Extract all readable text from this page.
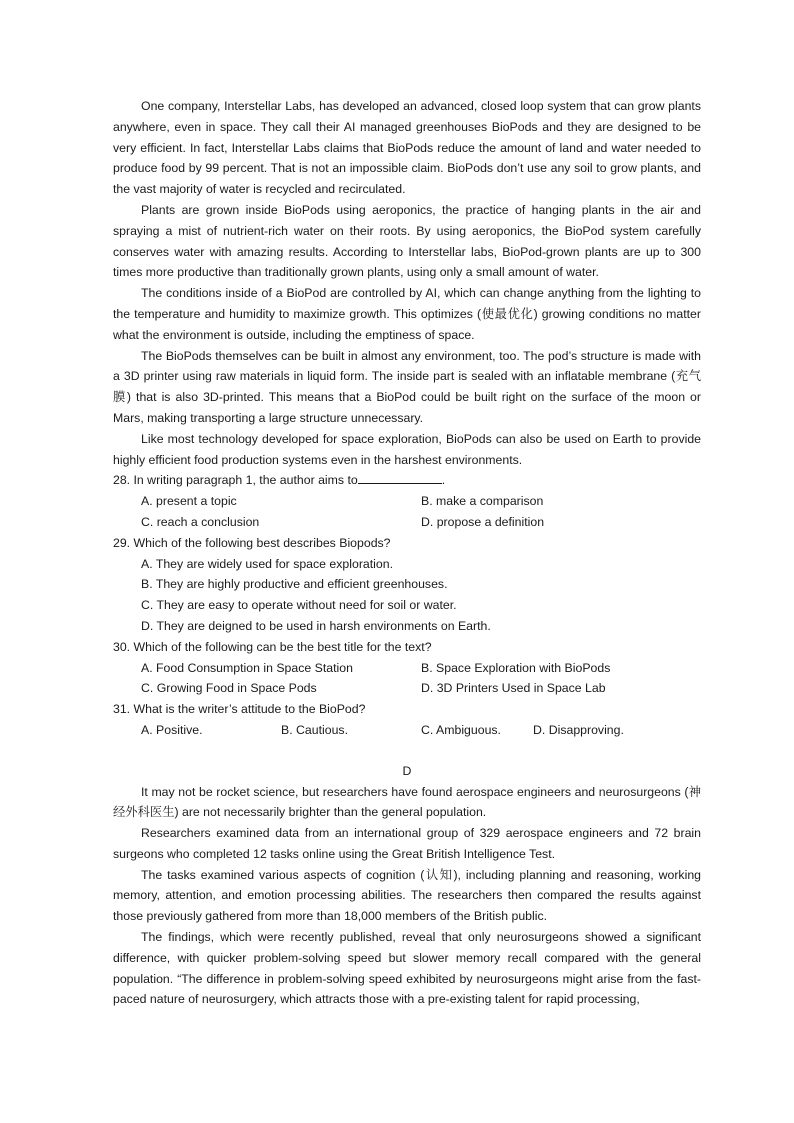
One company, Interstellar Labs, has developed an advanced, closed loop system that can grow plants anywhere, even in space. They call their AI managed greenhouses BioPods and they are designed to be very efficient. In fact, Interstellar Labs claims that BioPods reduce the amount of land and water needed to produce food by 99 percent. That is not an impossible claim. BioPods don’t use any soil to grow plants, and the vast majority of water is recycled and recirculated.

Plants are grown inside BioPods using aeroponics, the practice of hanging plants in the air and spraying a mist of nutrient-rich water on their roots. By using aeroponics, the BioPod system carefully conserves water with amazing results. According to Interstellar labs, BioPod-grown plants are up to 300 times more productive than traditionally grown plants, using only a small amount of water.

The conditions inside of a BioPod are controlled by AI, which can change anything from the lighting to the temperature and humidity to maximize growth. This optimizes (使最优化) growing conditions no matter what the environment is outside, including the emptiness of space.

The BioPods themselves can be built in almost any environment, too. The pod’s structure is made with a 3D printer using raw materials in liquid form. The inside part is sealed with an inflatable membrane (充气膜) that is also 3D-printed. This means that a BioPod could be built right on the surface of the moon or Mars, making transporting a large structure unnecessary.

Like most technology developed for space exploration, BioPods can also be used on Earth to provide highly efficient food production systems even in the harshest environments.

28. In writing paragraph 1, the author aims to	.

A. present a topic	B. make a comparison
C. reach a conclusion	D. propose a definition

29. Which of the following best describes Biopods?

A. They are widely used for space exploration.
B. They are highly productive and efficient greenhouses.
C. They are easy to operate without need for soil or water.
D. They are deigned to be used in harsh environments on Earth.

30. Which of the following can be the best title for the text?

A. Food Consumption in Space Station	B. Space Exploration with BioPods
C. Growing Food in Space Pods	D. 3D Printers Used in Space Lab

31. What is the writer’s attitude to the BioPod?

A. Positive.	B. Cautious.	C. Ambiguous.	D. Disapproving.

D

It may not be rocket science, but researchers have found aerospace engineers and neurosurgeons (神经外科医生) are not necessarily brighter than the general population.

Researchers examined data from an international group of 329 aerospace engineers and 72 brain surgeons who completed 12 tasks online using the Great British Intelligence Test.

The tasks examined various aspects of cognition (认知), including planning and reasoning, working memory, attention, and emotion processing abilities. The researchers then compared the results against those previously gathered from more than 18,000 members of the British public.

The findings, which were recently published, reveal that only neurosurgeons showed a significant difference, with quicker problem-solving speed but slower memory recall compared with the general population. “The difference in problem-solving speed exhibited by neurosurgeons might arise from the fast-paced nature of neurosurgery, which attracts those with a pre-existing talent for rapid processing,
